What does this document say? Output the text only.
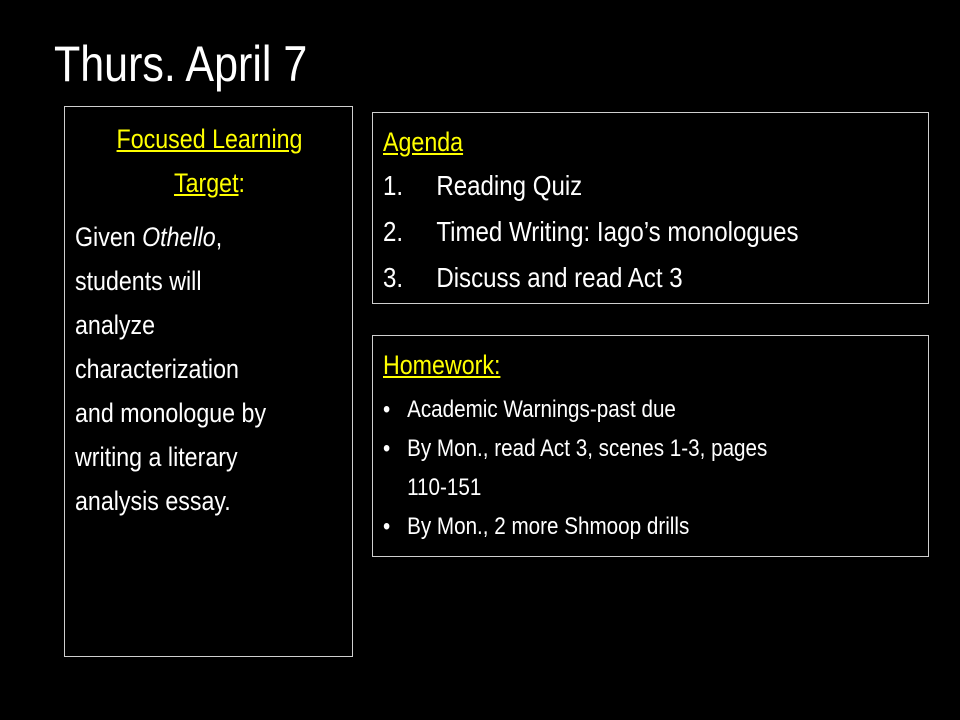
Thurs. April 7
Focused Learning
Target:
Given Othello,
students will
analyze
characterization
and monologue by
writing a literary
analysis essay.
Agenda
1. Reading Quiz
2. Timed Writing: Iago’s monologues
3. Discuss and read Act 3
Homework:
• Academic Warnings-past due
• By Mon., read Act 3, scenes 1-3, pages
110-151
• By Mon., 2 more Shmoop drills
